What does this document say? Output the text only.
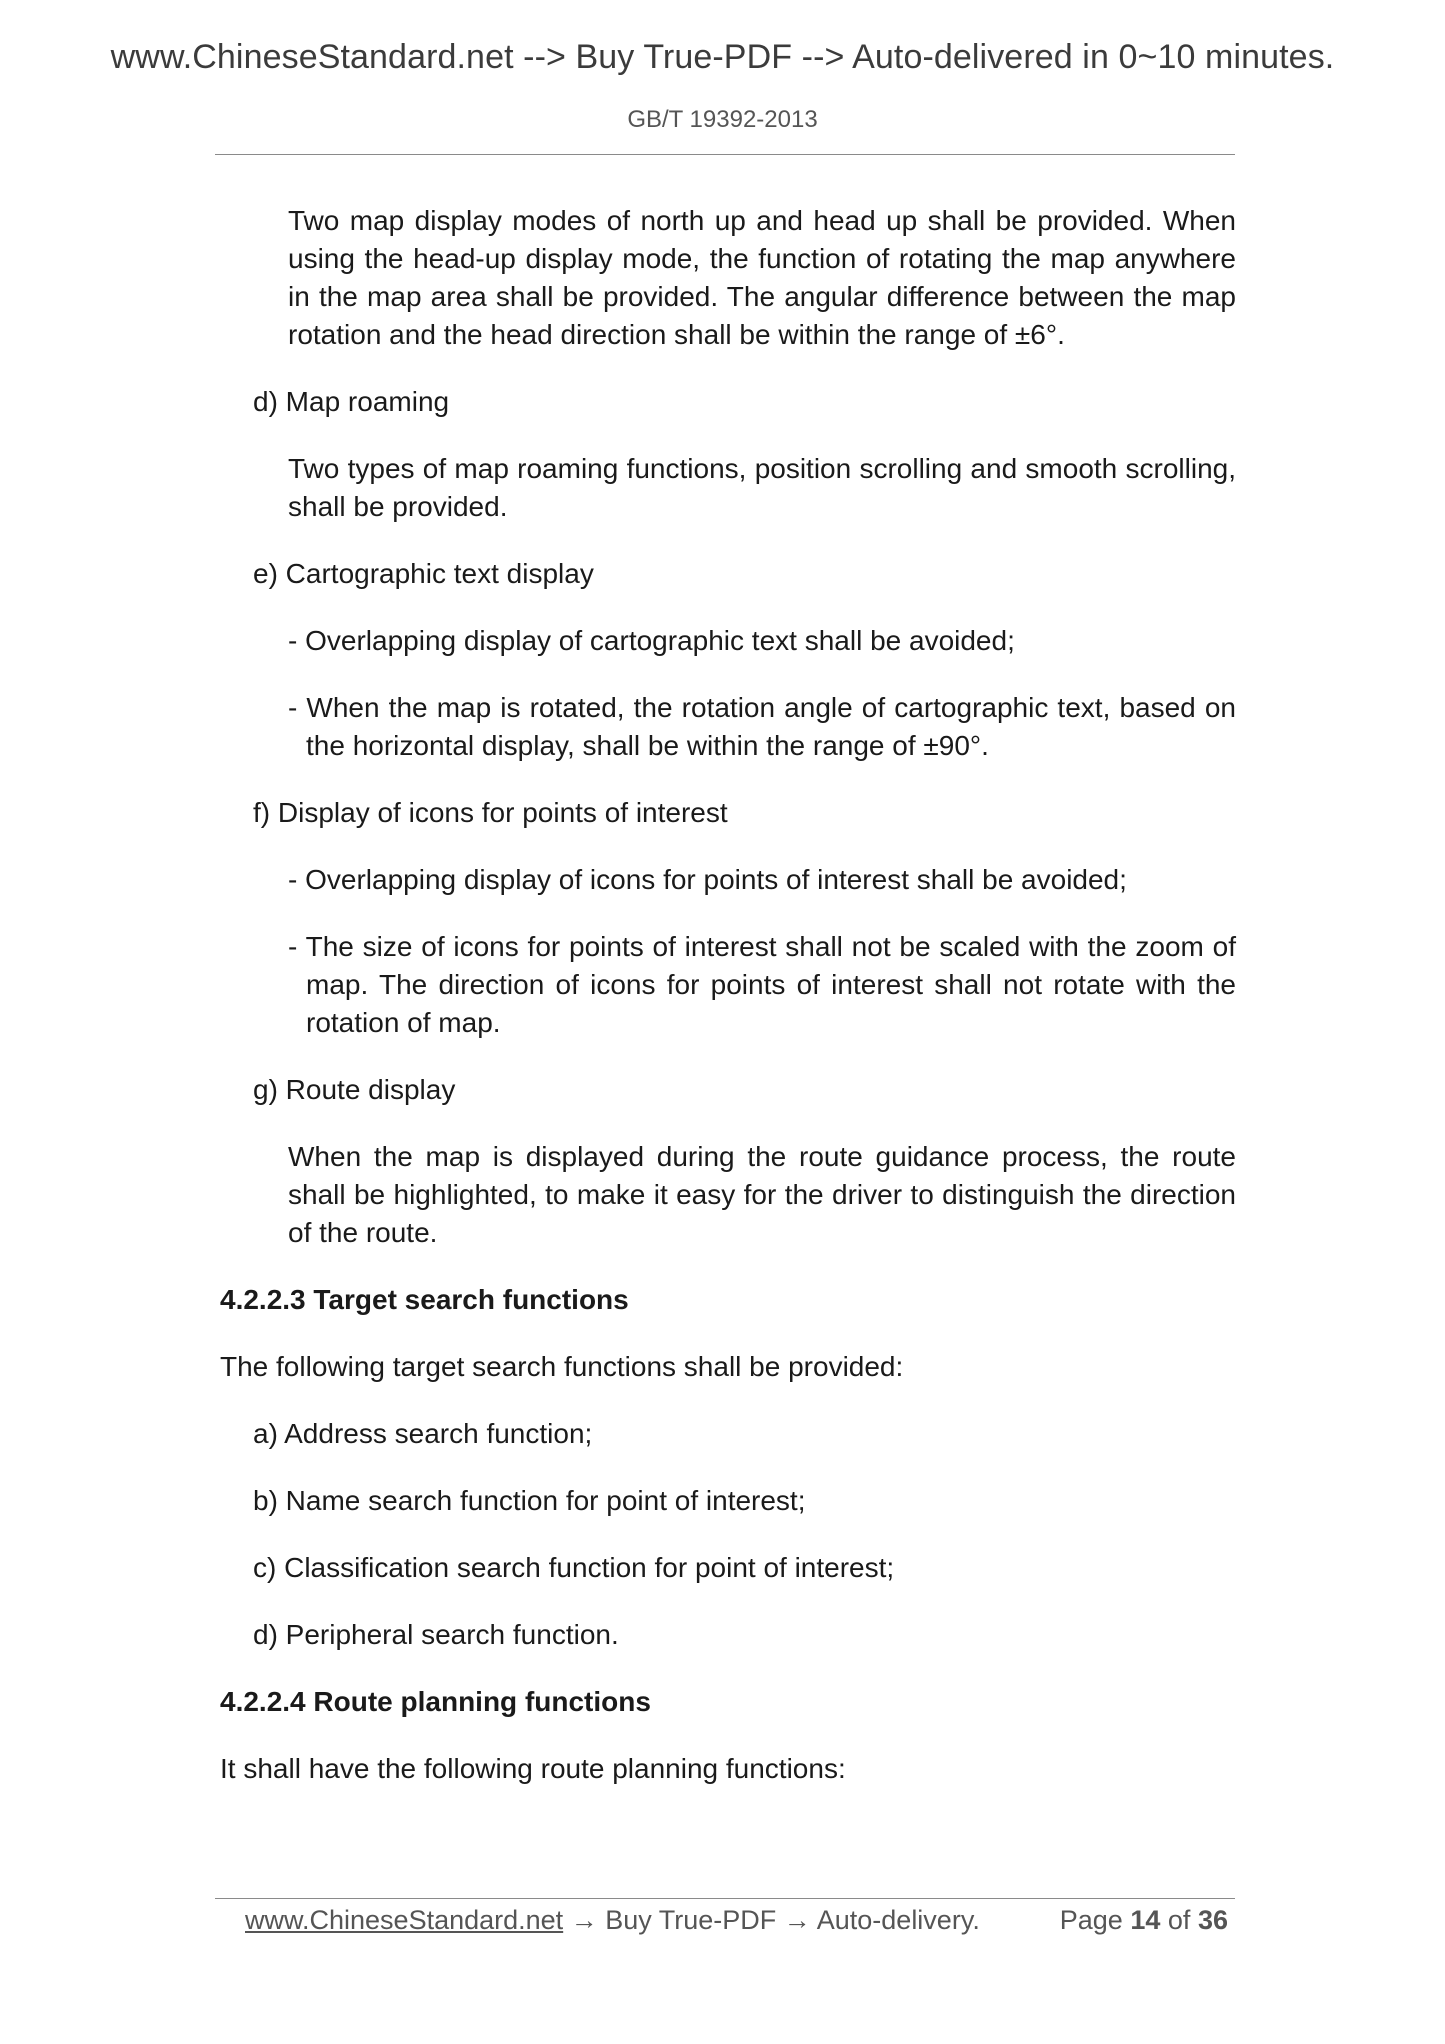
www.ChineseStandard.net --> Buy True-PDF --> Auto-delivered in 0~10 minutes.
GB/T 19392-2013

Two map display modes of north up and head up shall be provided. When using the head-up display mode, the function of rotating the map anywhere in the map area shall be provided. The angular difference between the map rotation and the head direction shall be within the range of ±6°.

d) Map roaming

Two types of map roaming functions, position scrolling and smooth scrolling, shall be provided.

e) Cartographic text display

- Overlapping display of cartographic text shall be avoided;

- When the map is rotated, the rotation angle of cartographic text, based on the horizontal display, shall be within the range of ±90°.

f) Display of icons for points of interest

- Overlapping display of icons for points of interest shall be avoided;

- The size of icons for points of interest shall not be scaled with the zoom of map. The direction of icons for points of interest shall not rotate with the rotation of map.

g) Route display

When the map is displayed during the route guidance process, the route shall be highlighted, to make it easy for the driver to distinguish the direction of the route.

4.2.2.3 Target search functions

The following target search functions shall be provided:

a) Address search function;

b) Name search function for point of interest;

c) Classification search function for point of interest;

d) Peripheral search function.

4.2.2.4 Route planning functions

It shall have the following route planning functions:

www.ChineseStandard.net → Buy True-PDF → Auto-delivery.	Page 14 of 36
